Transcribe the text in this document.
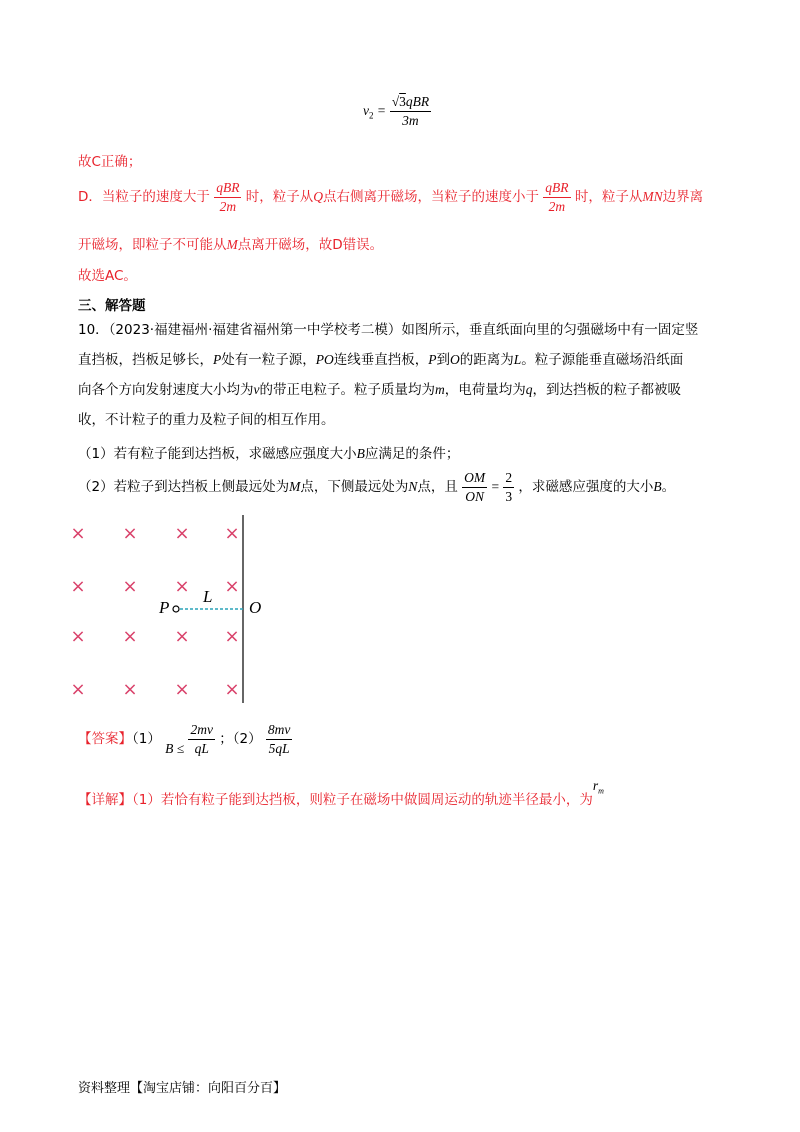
$v_2 = \frac{\text{√3qBR}}{3m}$
故C正确；
D．当粒子的速度大于 $\frac{\text{qBR}}{2m}$ 时，粒子从Q点右侧离开磁场，当粒子的速度小于 $\frac{\text{qBR}}{2m}$ 时，粒子从MN边界离
开磁场，即粒子不可能从M点离开磁场，故D错误。
故选AC。
三、解答题
10．（2023·福建福州·福建省福州第一中学校考二模）如图所示，垂直纸面向里的匀强磁场中有一固定竖
直挡板，挡板足够长，P处有一粒子源，PO连线垂直挡板，P到O的距离为L。粒子源能垂直磁场沿纸面
向各个方向发射速度大小均为v的带正电粒子。粒子质量均为m，电荷量均为q，到达挡板的粒子都被吸
收，不计粒子的重力及粒子间的相互作用。
（1）若有粒子能到达挡板，求磁感应强度大小B应满足的条件；
（2）若粒子到达挡板上侧最远处为M点，下侧最远处为N点，且 $\frac{OM}{ON} = \frac{2}{3}$ ，求磁感应强度的大小B。
× × × ×
× × × ×
× × × ×
× × × ×
P
L
O
【答案】（1） $B \le \frac{2mv}{qL}$ ；$(2) \frac{8mv}{5qL}$
【详解】（1）若恰有粒子能到达挡板，则粒子在磁场中做圆周运动的轨迹半径最小，为$r_m$
资料整理【淘宝店铺：向阳百分百】
